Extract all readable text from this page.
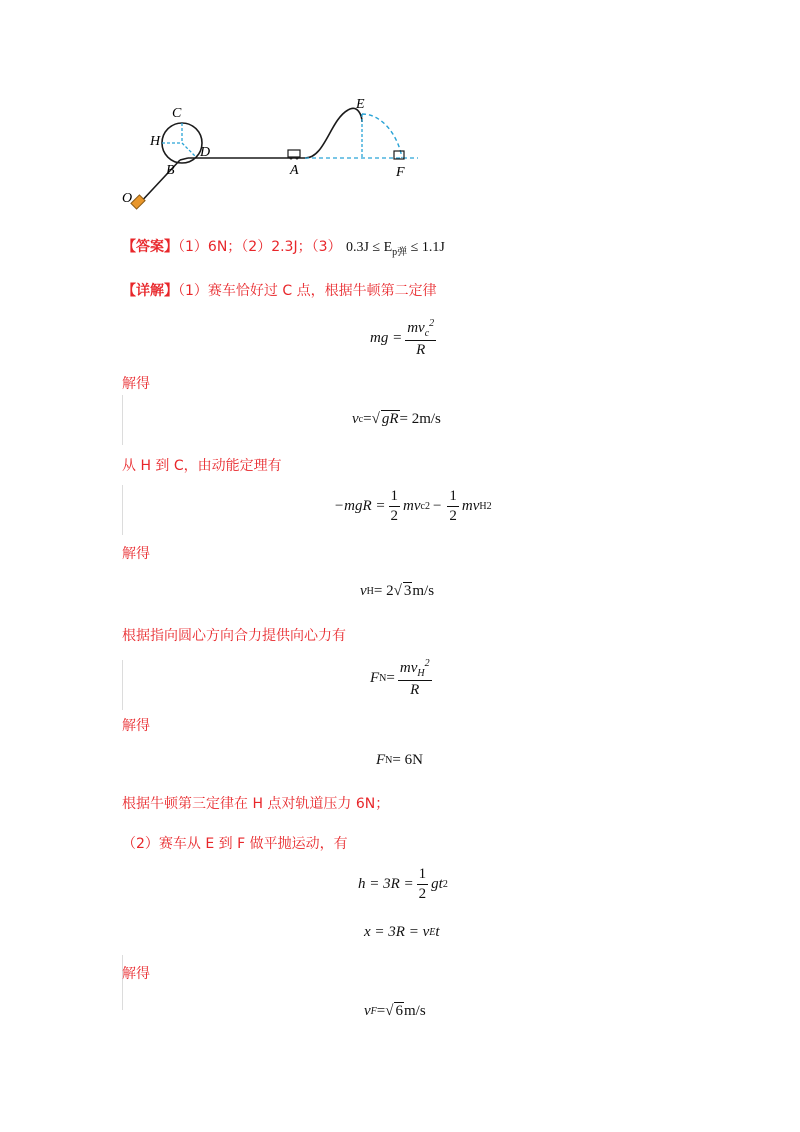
C
H
D
B
O
A
E
F
【答案】（1）6N；（2）2.3J；（3） $0.3J \le E_{p弹} \le 1.1J$
【详解】（1）赛车恰好过 C 点，根据牛顿第二定律
mg = $\frac{mv_c^2}{R}$
解得
v c = √ gR = 2m/s
从 H 到 C，由动能定理有
$-mgR = \frac{1}{2}$ mv c $2 - \frac{1}{2}$ mv H 2
解得
v H = 2 √ 3 m/s
根据指向圆心方向合力提供向心力有
F $N = \frac{mv_H^2}{R}$
解得
F N = 6N
根据牛顿第三定律在 H 点对轨道压力 6N；
（2）赛车从 E 到 F 做平抛运动，有
$h = 3R = \frac{1}{2}$ gt 2
x = 3R = v E t
解得
v F = √ 6 m/s
